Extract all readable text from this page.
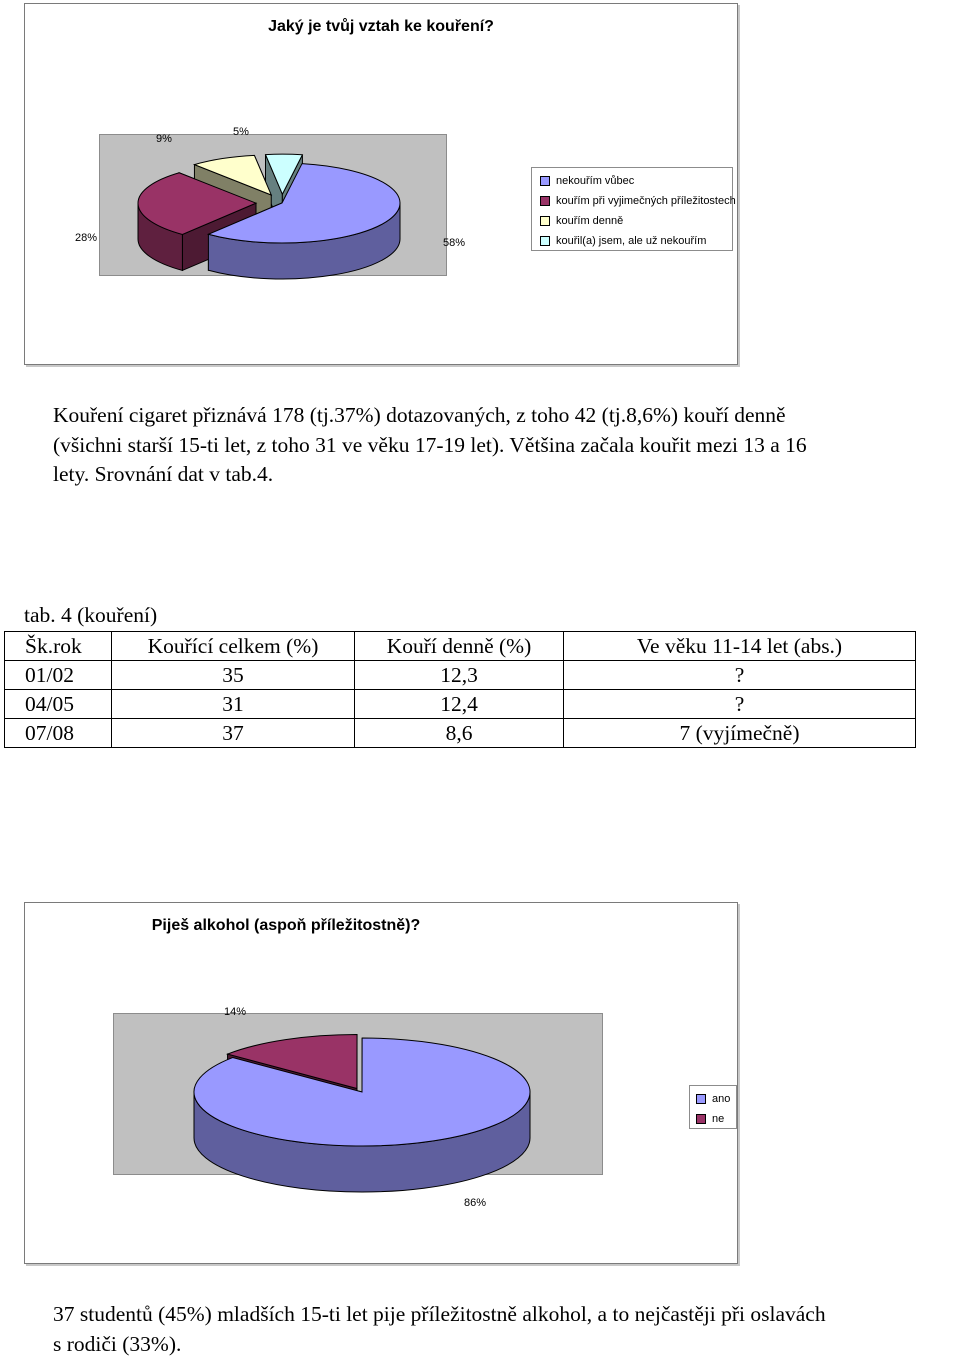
Jaký je tvůj vztah ke kouření?
58%
28%
9%
5%
nekouřím vůbec
kouřím při vyjimečných příležitostech
kouřím denně
kouřil(a) jsem, ale už nekouřím

Kouření cigaret přiznává 178 (tj.37%) dotazovaných, z toho 42 (tj.8,6%) kouří denně

(všichni starší 15-ti let, z toho 31 ve věku 17-19 let). Většina začala kouřit mezi 13 a 16

lety. Srovnání dat v tab.4.

tab. 4 (kouření)
Šk.rok	Kouřící celkem (%)	Kouří denně (%)	Ve věku 11-14 let (abs.)
01/02	35	12,3	?
04/05	31	12,4	?
07/08	37	8,6	7 (vyjímečně)
Piješ alkohol (aspoň příležitostně)?
86%
14%
ano
ne

37 studentů (45%) mladších 15-ti let pije příležitostně alkohol, a to nejčastěji při oslavách

s rodiči (33%).
